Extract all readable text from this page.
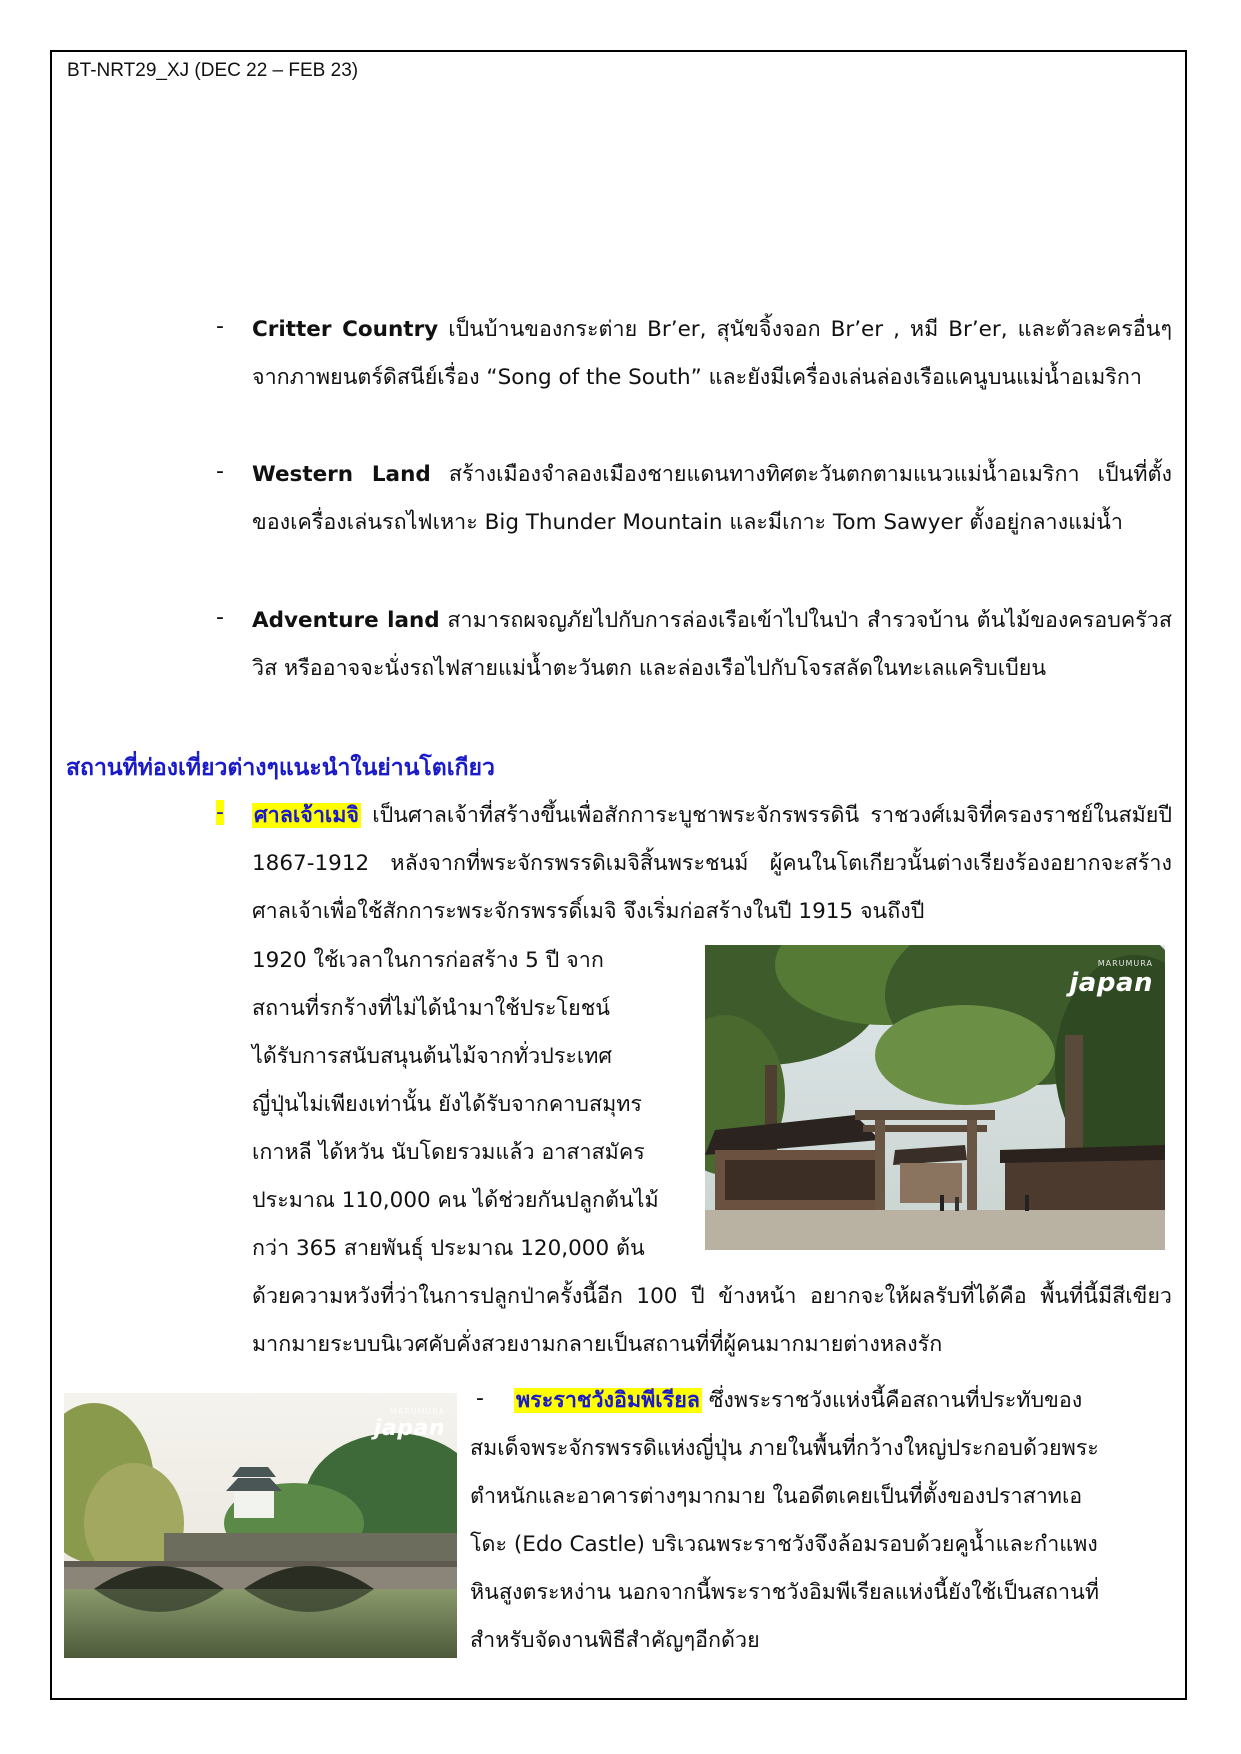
BT-NRT29_XJ (DEC 22 – FEB 23)
- Critter Country เป็นบ้านของกระต่าย Br’er, สุนัขจิ้งจอก Br’er , หมี Br’er, และตัวละครอื่นๆจากภาพยนตร์ดิสนีย์เรื่อง “Song of the South” และยังมีเครื่องเล่นล่องเรือแคนูบนแม่น้ำอเมริกา
- Western Land สร้างเมืองจำลองเมืองชายแดนทางทิศตะวันตกตามแนวแม่น้ำอเมริกา เป็นที่ตั้งของเครื่องเล่นรถไฟเหาะ Big Thunder Mountain และมีเกาะ Tom Sawyer ตั้งอยู่กลางแม่น้ำ
- Adventure land สามารถผจญภัยไปกับการล่องเรือเข้าไปในป่า สำรวจบ้าน ต้นไม้ของครอบครัวสวิส หรืออาจจะนั่งรถไฟสายแม่น้ำตะวันตก และล่องเรือไปกับโจรสลัดในทะเลแคริบเบียน
สถานที่ท่องเที่ยวต่างๆแนะนำในย่านโตเกียว
- ศาลเจ้าเมจิ เป็นศาลเจ้าที่สร้างขึ้นเพื่อสักการะบูชาพระจักรพรรดินี ราชวงศ์เมจิที่ครองราชย์ในสมัยปี 1867-1912 หลังจากที่พระจักรพรรดิเมจิสิ้นพระชนม์ ผู้คนในโตเกียวนั้นต่างเรียงร้องอยากจะสร้างศาลเจ้าเพื่อใช้สักการะพระจักรพรรดิ์เมจิ จึงเริ่มก่อสร้างในปี 1915 จนถึงปี
1920 ใช้เวลาในการก่อสร้าง 5 ปี จาก
สถานที่รกร้างที่ไม่ได้นำมาใช้ประโยชน์
ได้รับการสนับสนุนต้นไม้จากทั่วประเทศ
ญี่ปุ่นไม่เพียงเท่านั้น ยังได้รับจากคาบสมุทร
เกาหลี ได้หวัน นับโดยรวมแล้ว อาสาสมัคร
ประมาณ 110,000 คน ได้ช่วยกันปลูกต้นไม้
กว่า 365 สายพันธุ์ ประมาณ 120,000 ต้น
MARUMURA
japan
ด้วยความหวังที่ว่าในการปลูกป่าครั้งนี้อีก 100 ปี ข้างหน้า อยากจะให้ผลรับที่ได้คือ พื้นที่นี้มีสีเขียวมากมายระบบนิเวศคับคั่งสวยงามกลายเป็นสถานที่ที่ผู้คนมากมายต่างหลงรัก
MARUMURA
japan
-	พระราชวังอิมพีเรียล ซึ่งพระราชวังแห่งนี้คือสถานที่ประทับของ
สมเด็จพระจักรพรรดิแห่งญี่ปุ่น ภายในพื้นที่กว้างใหญ่ประกอบด้วยพระ
ตำหนักและอาคารต่างๆมากมาย ในอดีตเคยเป็นที่ตั้งของปราสาทเอ
โดะ (Edo Castle) บริเวณพระราชวังจึงล้อมรอบด้วยคูน้ำและกำแพง
หินสูงตระหง่าน นอกจากนี้พระราชวังอิมพีเรียลแห่งนี้ยังใช้เป็นสถานที่
สำหรับจัดงานพิธีสำคัญๆอีกด้วย
